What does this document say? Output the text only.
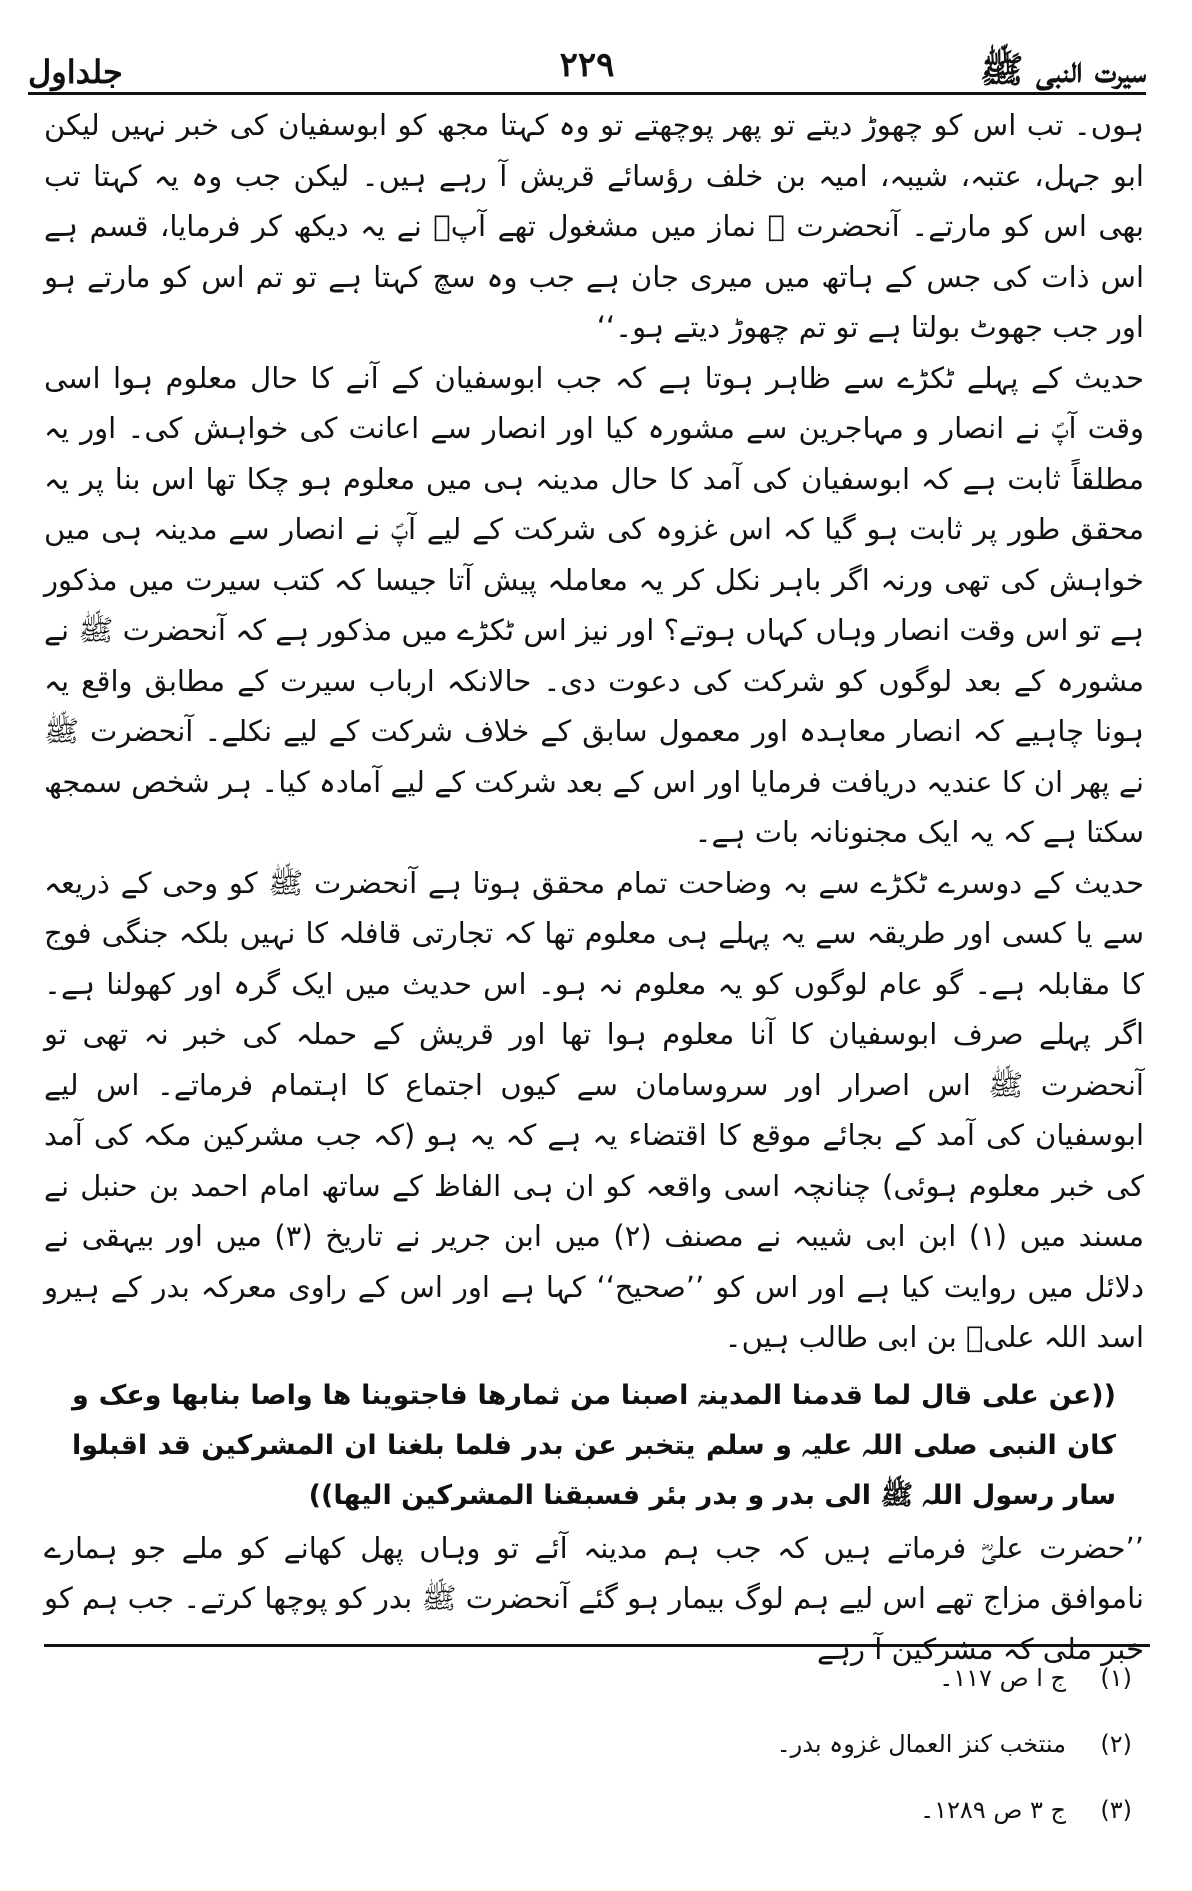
سیرت النبی ﷺ
۲۲۹
جلداول

ہوں۔ تب اس کو چھوڑ دیتے تو پھر پوچھتے تو وہ کہتا مجھ کو ابوسفیان کی خبر نہیں لیکن ابو جہل، عتبہ، شیبہ، امیہ بن خلف رؤسائے قریش آ رہے ہیں۔ لیکن جب وہ یہ کہتا تب بھی اس کو مارتے۔ آنحضرت ﷺ نماز میں مشغول تھے آپؐ نے یہ دیکھ کر فرمایا، قسم ہے اس ذات کی جس کے ہاتھ میں میری جان ہے جب وہ سچ کہتا ہے تو تم اس کو مارتے ہو اور جب جھوٹ بولتا ہے تو تم چھوڑ دیتے ہو۔‘‘

حدیث کے پہلے ٹکڑے سے ظاہر ہوتا ہے کہ جب ابوسفیان کے آنے کا حال معلوم ہوا اسی وقت آپؐ نے انصار و مہاجرین سے مشورہ کیا اور انصار سے اعانت کی خواہش کی۔ اور یہ مطلقاً ثابت ہے کہ ابوسفیان کی آمد کا حال مدینہ ہی میں معلوم ہو چکا تھا اس بنا پر یہ محقق طور پر ثابت ہو گیا کہ اس غزوہ کی شرکت کے لیے آپؐ نے انصار سے مدینہ ہی میں خواہش کی تھی ورنہ اگر باہر نکل کر یہ معاملہ پیش آتا جیسا کہ کتب سیرت میں مذکور ہے تو اس وقت انصار وہاں کہاں ہوتے؟ اور نیز اس ٹکڑے میں مذکور ہے کہ آنحضرت ﷺ نے مشورہ کے بعد لوگوں کو شرکت کی دعوت دی۔ حالانکہ ارباب سیرت کے مطابق واقع یہ ہونا چاہیے کہ انصار معاہدہ اور معمول سابق کے خلاف شرکت کے لیے نکلے۔ آنحضرت ﷺ نے پھر ان کا عندیہ دریافت فرمایا اور اس کے بعد شرکت کے لیے آمادہ کیا۔ ہر شخص سمجھ سکتا ہے کہ یہ ایک مجنونانہ بات ہے۔

حدیث کے دوسرے ٹکڑے سے بہ وضاحت تمام محقق ہوتا ہے آنحضرت ﷺ کو وحی کے ذریعہ سے یا کسی اور طریقہ سے یہ پہلے ہی معلوم تھا کہ تجارتی قافلہ کا نہیں بلکہ جنگی فوج کا مقابلہ ہے۔ گو عام لوگوں کو یہ معلوم نہ ہو۔ اس حدیث میں ایک گرہ اور کھولنا ہے۔ اگر پہلے صرف ابوسفیان کا آنا معلوم ہوا تھا اور قریش کے حملہ کی خبر نہ تھی تو آنحضرت ﷺ اس اصرار اور سروسامان سے کیوں اجتماع کا اہتمام فرماتے۔ اس لیے ابوسفیان کی آمد کے بجائے موقع کا اقتضاء یہ ہے کہ یہ ہو (کہ جب مشرکین مکہ کی آمد کی خبر معلوم ہوئی) چنانچہ اسی واقعہ کو ان ہی الفاظ کے ساتھ امام احمد بن حنبل نے مسند میں (۱) ابن ابی شیبہ نے مصنف (۲) میں ابن جریر نے تاریخ (۳) میں اور بیہقی نے دلائل میں روایت کیا ہے اور اس کو ’’صحیح‘‘ کہا ہے اور اس کے راوی معرکہ بدر کے ہیرو اسد اللہ علیؓ بن ابی طالب ہیں۔

((عن علی قال لما قدمنا المدینۃ اصبنا من ثمارھا فاجتوینا ھا واصا بنابھا وعک و کان النبی صلی اللہ علیہ و سلم یتخبر عن بدر فلما بلغنا ان المشرکین قد اقبلوا سار رسول اللہ ﷺ الی بدر و بدر بئر فسبقنا المشرکین الیھا))

’’حضرت علیؓ فرماتے ہیں کہ جب ہم مدینہ آئے تو وہاں پھل کھانے کو ملے جو ہمارے ناموافق مزاج تھے اس لیے ہم لوگ بیمار ہو گئے آنحضرت ﷺ بدر کو پوچھا کرتے۔ جب ہم کو خبر ملی کہ مشرکین آ رہے

(۱)
ج ا ص ۱۱۷۔
(۲)
منتخب کنز العمال غزوہ بدر۔
(۳)
ج ۳ ص ۱۲۸۹۔
